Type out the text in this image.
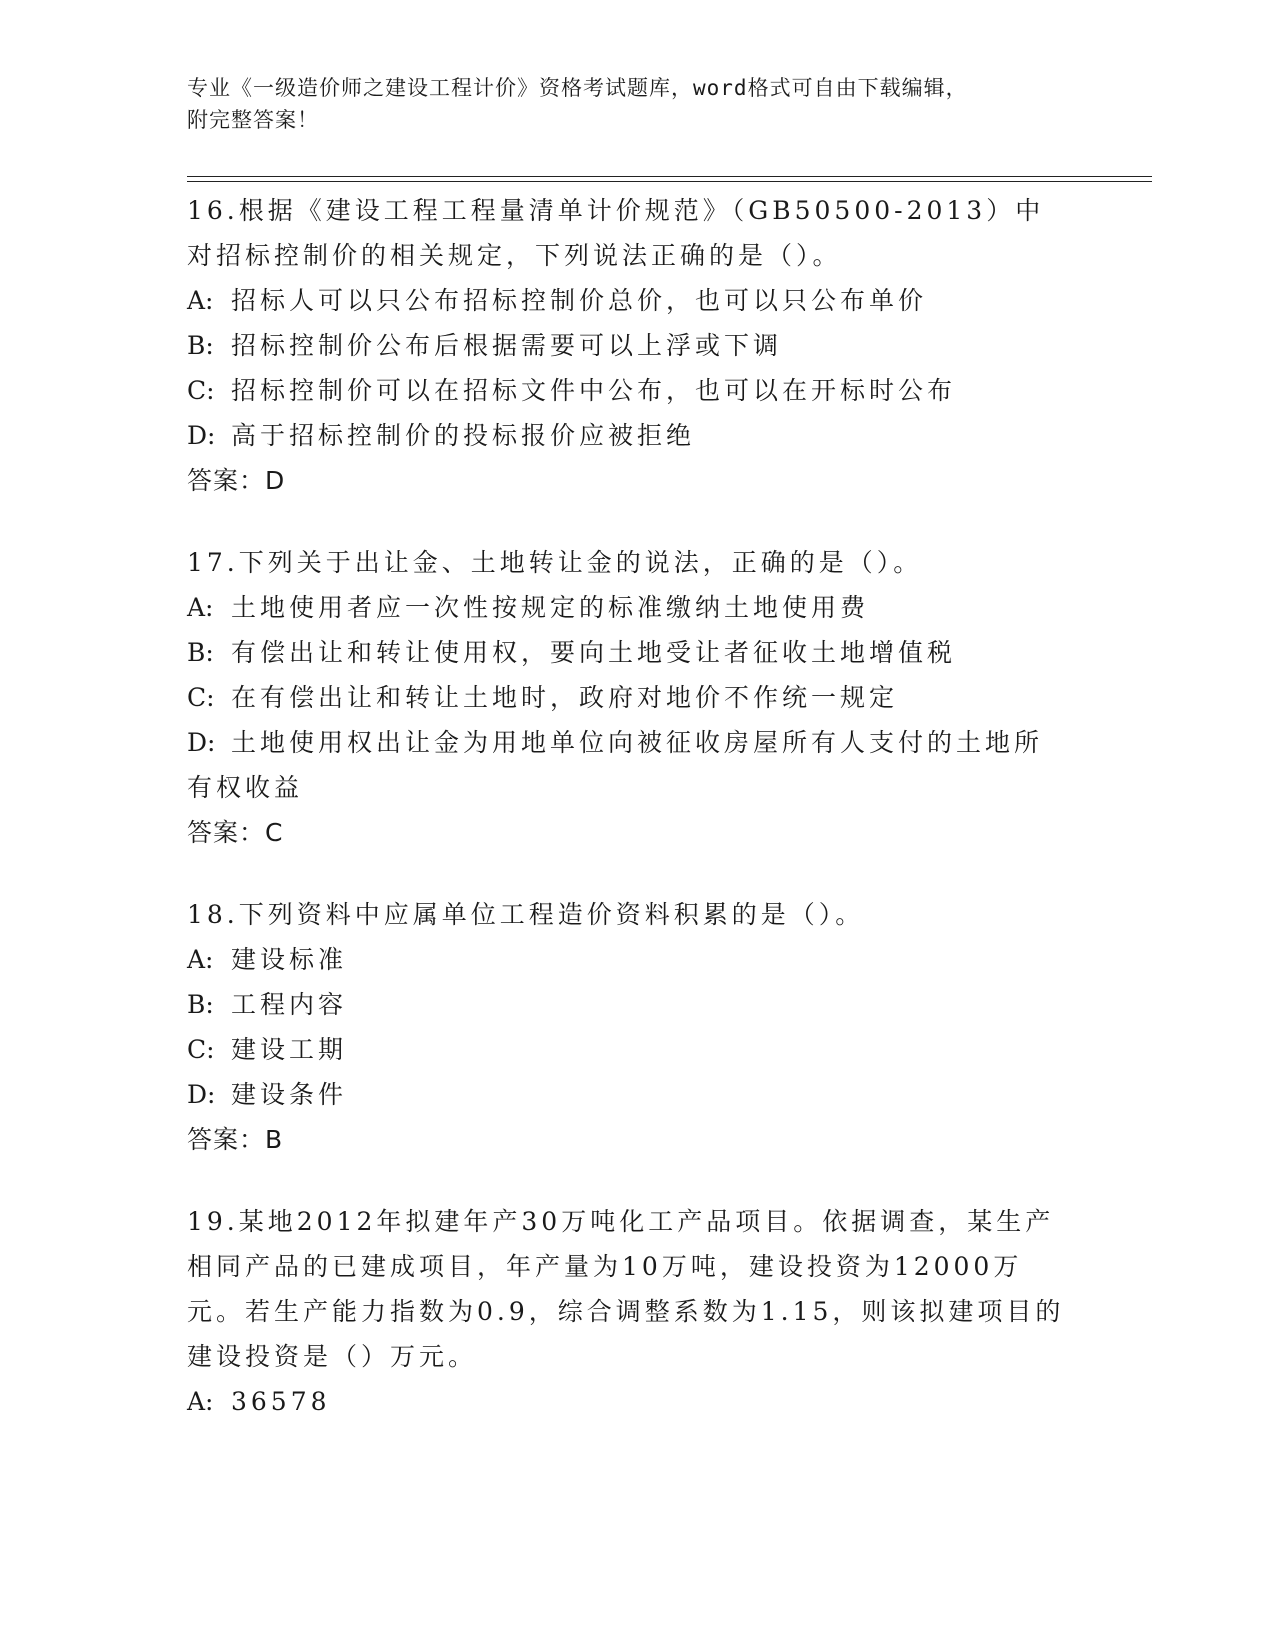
专业《一级造价师之建设工程计价》资格考试题库，word格式可自由下载编辑，
附完整答案！
16.根据《建设工程工程量清单计价规范》（GB50500-2013）中对招标控制价的相关规定，下列说法正确的是（）。
A: 招标人可以只公布招标控制价总价，也可以只公布单价
B: 招标控制价公布后根据需要可以上浮或下调
C: 招标控制价可以在招标文件中公布，也可以在开标时公布
D: 高于招标控制价的投标报价应被拒绝
答案：D
17.下列关于出让金、土地转让金的说法，正确的是（）。
A: 土地使用者应一次性按规定的标准缴纳土地使用费
B: 有偿出让和转让使用权，要向土地受让者征收土地增值税
C: 在有偿出让和转让土地时，政府对地价不作统一规定
D: 土地使用权出让金为用地单位向被征收房屋所有人支付的土地所有权收益
答案：C
18.下列资料中应属单位工程造价资料积累的是（）。
A: 建设标准
B: 工程内容
C: 建设工期
D: 建设条件
答案：B
19.某地2012年拟建年产30万吨化工产品项目。依据调查，某生产相同产品的已建成项目，年产量为10万吨，建设投资为12000万元。若生产能力指数为0.9，综合调整系数为1.15，则该拟建项目的建设投资是（）万元。
A: 36578
